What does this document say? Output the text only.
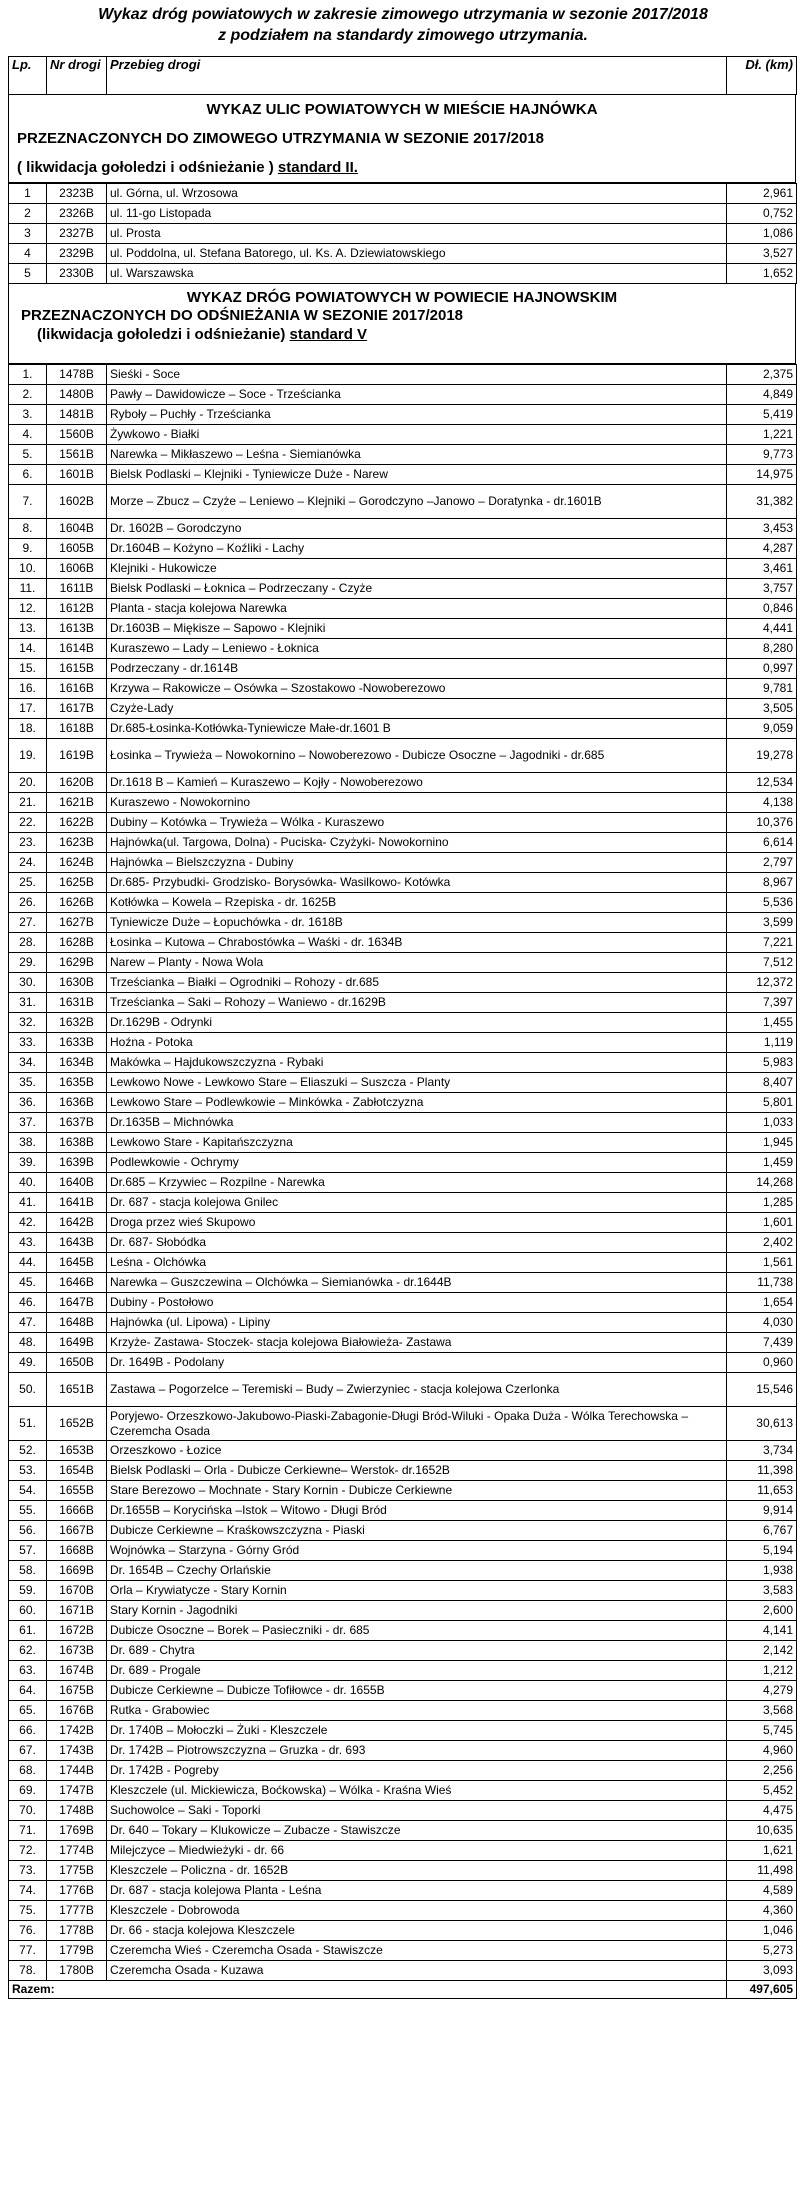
Wykaz dróg powiatowych w zakresie zimowego utrzymania w sezonie 2017/2018
z podziałem na standardy zimowego utrzymania.
Lp.	Nr drogi	Przebieg drogi	Dł. (km)
WYKAZ ULIC POWIATOWYCH W MIEŚCIE HAJNÓWKA
PRZEZNACZONYCH DO ZIMOWEGO UTRZYMANIA W SEZONIE 2017/2018
( likwidacja gołoledzi i odśnieżanie ) standard II.
1	2323B	ul. Górna, ul. Wrzosowa	2,961
2	2326B	ul. 11-go Listopada	0,752
3	2327B	ul. Prosta	1,086
4	2329B	ul. Poddolna, ul. Stefana Batorego, ul. Ks. A. Dziewiatowskiego	3,527
5	2330B	ul. Warszawska	1,652
WYKAZ DRÓG POWIATOWYCH W POWIECIE HAJNOWSKIM
PRZEZNACZONYCH DO ODŚNIEŻANIA W SEZONIE 2017/2018
(likwidacja gołoledzi i odśnieżanie) standard V
1.	1478B	Sieśki - Soce	2,375
2.	1480B	Pawły – Dawidowicze – Soce - Trześcianka	4,849
3.	1481B	Ryboły – Puchły - Trześcianka	5,419
4.	1560B	Żywkowo - Białki	1,221
5.	1561B	Narewka – Mikłaszewo – Leśna - Siemianówka	9,773
6.	1601B	Bielsk Podlaski – Klejniki - Tyniewicze Duże - Narew	14,975
7.	1602B	Morze – Zbucz – Czyże – Leniewo – Klejniki – Gorodczyno –Janowo – Doratynka - dr.1601B	31,382
8.	1604B	Dr. 1602B – Gorodczyno	3,453
9.	1605B	Dr.1604B – Kożyno – Koźliki - Lachy	4,287
10.	1606B	Klejniki - Hukowicze	3,461
11.	1611B	Bielsk Podlaski – Łoknica – Podrzeczany - Czyże	3,757
12.	1612B	Planta - stacja kolejowa Narewka	0,846
13.	1613B	Dr.1603B – Miękisze – Sapowo - Klejniki	4,441
14.	1614B	Kuraszewo – Lady – Leniewo - Łoknica	8,280
15.	1615B	Podrzeczany - dr.1614B	0,997
16.	1616B	Krzywa – Rakowicze – Osówka – Szostakowo -Nowoberezowo	9,781
17.	1617B	Czyże-Lady	3,505
18.	1618B	Dr.685-Łosinka-Kotłówka-Tyniewicze Małe-dr.1601 B	9,059
19.	1619B	Łosinka – Trywieża – Nowokornino – Nowoberezowo - Dubicze Osoczne – Jagodniki - dr.685	19,278
20.	1620B	Dr.1618 B – Kamień – Kuraszewo – Kojły - Nowoberezowo	12,534
21.	1621B	Kuraszewo - Nowokornino	4,138
22.	1622B	Dubiny – Kotówka – Trywieża – Wólka - Kuraszewo	10,376
23.	1623B	Hajnówka(ul. Targowa, Dolna) - Puciska- Czyżyki- Nowokornino	6,614
24.	1624B	Hajnówka – Bielszczyzna - Dubiny	2,797
25.	1625B	Dr.685- Przybudki- Grodzisko- Borysówka- Wasilkowo- Kotówka	8,967
26.	1626B	Kotłówka – Kowela – Rzepiska - dr. 1625B	5,536
27.	1627B	Tyniewicze Duże – Łopuchówka - dr. 1618B	3,599
28.	1628B	Łosinka – Kutowa – Chrabostówka – Waśki - dr. 1634B	7,221
29.	1629B	Narew – Planty - Nowa Wola	7,512
30.	1630B	Trześcianka – Białki – Ogrodniki – Rohozy - dr.685	12,372
31.	1631B	Trześcianka – Saki – Rohozy – Waniewo - dr.1629B	7,397
32.	1632B	Dr.1629B - Odrynki	1,455
33.	1633B	Hoźna - Potoka	1,119
34.	1634B	Makówka – Hajdukowszczyzna - Rybaki	5,983
35.	1635B	Lewkowo Nowe - Lewkowo Stare – Eliaszuki – Suszcza - Planty	8,407
36.	1636B	Lewkowo Stare – Podlewkowie – Minkówka - Zabłotczyzna	5,801
37.	1637B	Dr.1635B – Michnówka	1,033
38.	1638B	Lewkowo Stare - Kapitańszczyzna	1,945
39.	1639B	Podlewkowie - Ochrymy	1,459
40.	1640B	Dr.685 – Krzywiec – Rozpilne - Narewka	14,268
41.	1641B	Dr. 687 - stacja kolejowa Gnilec	1,285
42.	1642B	Droga przez wieś Skupowo	1,601
43.	1643B	Dr. 687- Słobódka	2,402
44.	1645B	Leśna - Olchówka	1,561
45.	1646B	Narewka – Guszczewina – Olchówka – Siemianówka - dr.1644B	11,738
46.	1647B	Dubiny - Postołowo	1,654
47.	1648B	Hajnówka (ul. Lipowa) - Lipiny	4,030
48.	1649B	Krzyże- Zastawa- Stoczek- stacja kolejowa Białowieża- Zastawa	7,439
49.	1650B	Dr. 1649B - Podolany	0,960
50.	1651B	Zastawa – Pogorzelce – Teremiski – Budy – Zwierzyniec - stacja kolejowa Czerlonka	15,546
51.	1652B	Poryjewo- Orzeszkowo-Jakubowo-Piaski-Zabagonie-Długi Bród-Wiluki - Opaka Duża - Wólka Terechowska – Czeremcha Osada	30,613
52.	1653B	Orzeszkowo - Łozice	3,734
53.	1654B	Bielsk Podlaski – Orla - Dubicze Cerkiewne– Werstok- dr.1652B	11,398
54.	1655B	Stare Berezowo – Mochnate - Stary Kornin - Dubicze Cerkiewne	11,653
55.	1666B	Dr.1655B – Korycińska –Istok – Witowo - Długi Bród	9,914
56.	1667B	Dubicze Cerkiewne – Kraśkowszczyzna - Piaski	6,767
57.	1668B	Wojnówka – Starzyna - Górny Gród	5,194
58.	1669B	Dr. 1654B – Czechy Orlańskie	1,938
59.	1670B	Orla – Krywiatycze - Stary Kornin	3,583
60.	1671B	Stary Kornin - Jagodniki	2,600
61.	1672B	Dubicze Osoczne – Borek – Pasieczniki - dr. 685	4,141
62.	1673B	Dr. 689 - Chytra	2,142
63.	1674B	Dr. 689 - Progale	1,212
64.	1675B	Dubicze Cerkiewne – Dubicze Tofiłowce - dr. 1655B	4,279
65.	1676B	Rutka - Grabowiec	3,568
66.	1742B	Dr. 1740B – Mołoczki – Żuki - Kleszczele	5,745
67.	1743B	Dr. 1742B – Piotrowszczyzna – Gruzka - dr. 693	4,960
68.	1744B	Dr. 1742B - Pogreby	2,256
69.	1747B	Kleszczele (ul. Mickiewicza, Boćkowska) – Wólka - Kraśna Wieś	5,452
70.	1748B	Suchowolce – Saki - Toporki	4,475
71.	1769B	Dr. 640 – Tokary – Klukowicze – Zubacze - Stawiszcze	10,635
72.	1774B	Milejczyce – Miedwieżyki - dr. 66	1,621
73.	1775B	Kleszczele – Policzna - dr. 1652B	11,498
74.	1776B	Dr. 687 - stacja kolejowa Planta - Leśna	4,589
75.	1777B	Kleszczele - Dobrowoda	4,360
76.	1778B	Dr. 66 - stacja kolejowa Kleszczele	1,046
77.	1779B	Czeremcha Wieś - Czeremcha Osada - Stawiszcze	5,273
78.	1780B	Czeremcha Osada - Kuzawa	3,093
Razem:			497,605
